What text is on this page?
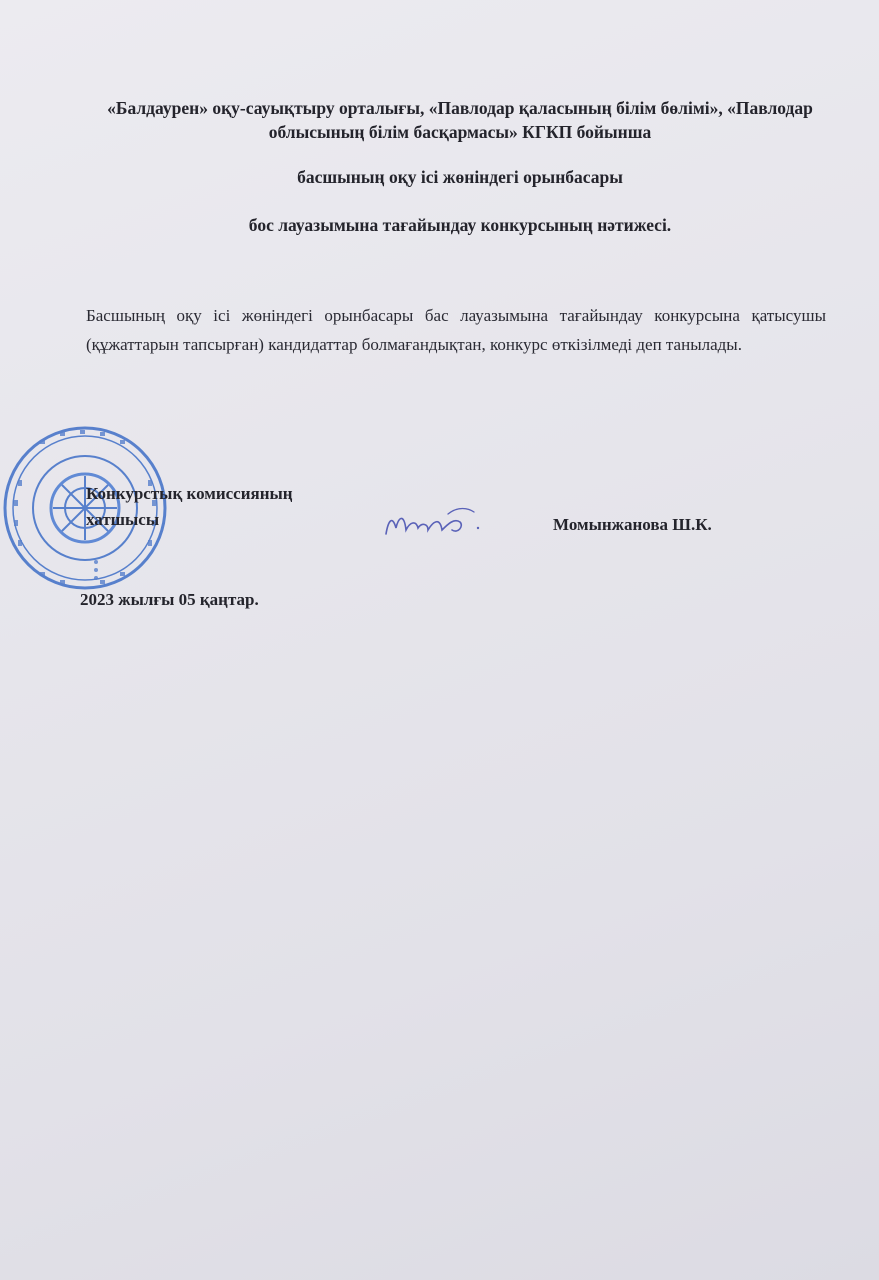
«Балдаурен» оқу-сауықтыру орталығы, «Павлодар қаласының білім бөлімі», «Павлодар облысының білім басқармасы» КГКП бойынша
басшының оқу ісі жөніндегі орынбасары
бос лауазымына тағайындау конкурсының нәтижесі.
Басшының оқу ісі жөніндегі орынбасары бас лауазымына тағайындау конкурсына қатысушы (құжаттарын тапсырған) кандидаттар болмағандықтан, конкурс өткізілмеді деп танылады.
Конкурстық комиссияның
хатшысы	Момынжанова Ш.К.
2023 жылғы 05 қаңтар.
